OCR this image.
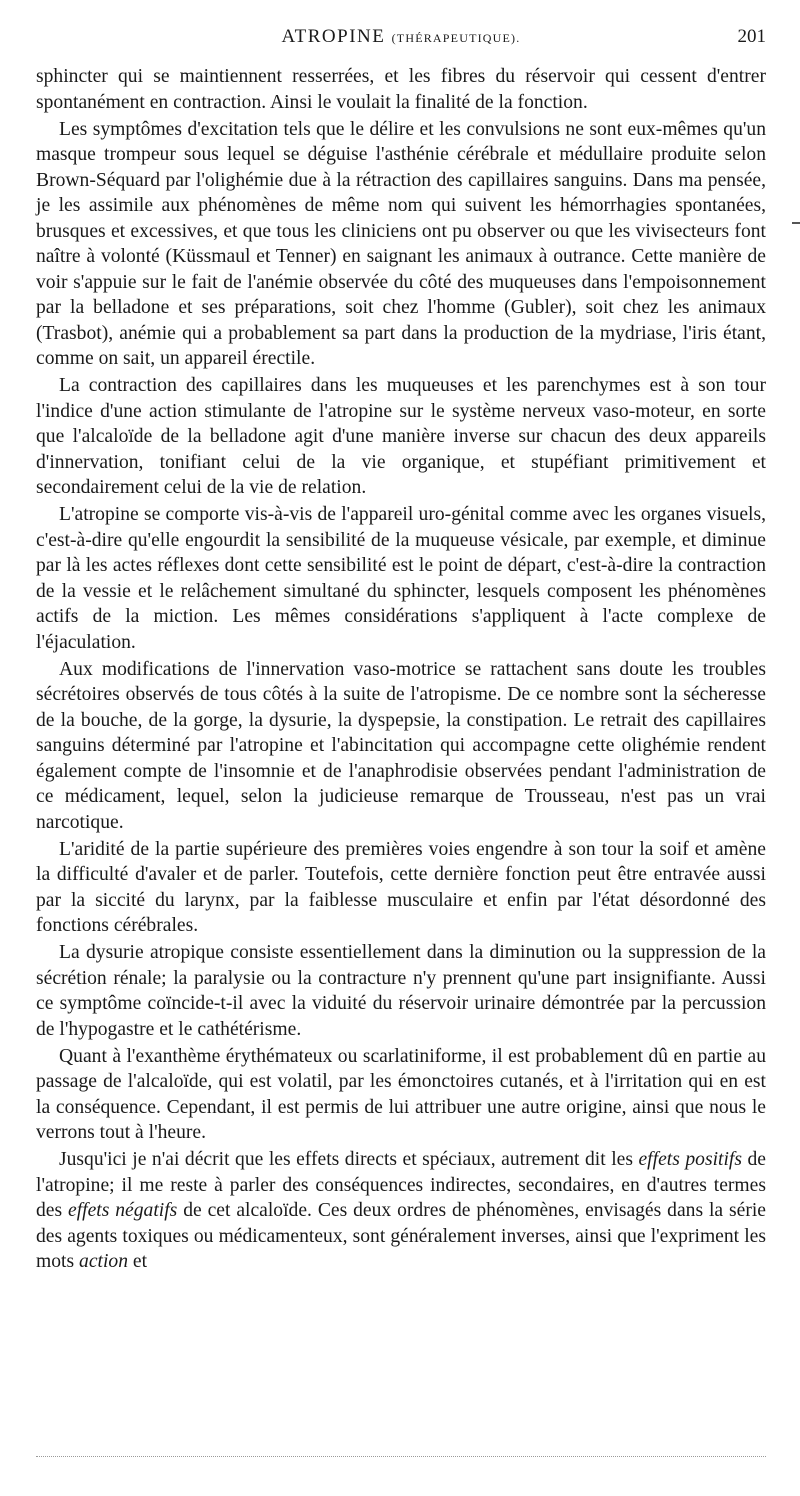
ATROPINE (THÉRAPEUTIQUE).	201

sphincter qui se maintiennent resserrées, et les fibres du réservoir qui cessent d'entrer spontanément en contraction. Ainsi le voulait la finalité de la fonction.

Les symptômes d'excitation tels que le délire et les convulsions ne sont eux-mêmes qu'un masque trompeur sous lequel se déguise l'asthénie cérébrale et médullaire produite selon Brown-Séquard par l'olighémie due à la rétraction des capillaires sanguins. Dans ma pensée, je les assimile aux phénomènes de même nom qui suivent les hémorrhagies spontanées, brusques et excessives, et que tous les cliniciens ont pu observer ou que les vivisecteurs font naître à volonté (Küssmaul et Tenner) en saignant les animaux à outrance. Cette manière de voir s'appuie sur le fait de l'anémie observée du côté des muqueuses dans l'empoisonnement par la belladone et ses préparations, soit chez l'homme (Gubler), soit chez les animaux (Trasbot), anémie qui a probablement sa part dans la production de la mydriase, l'iris étant, comme on sait, un appareil érectile.

La contraction des capillaires dans les muqueuses et les parenchymes est à son tour l'indice d'une action stimulante de l'atropine sur le système nerveux vaso-moteur, en sorte que l'alcaloïde de la belladone agit d'une manière inverse sur chacun des deux appareils d'innervation, tonifiant celui de la vie organique, et stupéfiant primitivement et secondairement celui de la vie de relation.

L'atropine se comporte vis-à-vis de l'appareil uro-génital comme avec les organes visuels, c'est-à-dire qu'elle engourdit la sensibilité de la muqueuse vésicale, par exemple, et diminue par là les actes réflexes dont cette sensibilité est le point de départ, c'est-à-dire la contraction de la vessie et le relâchement simultané du sphincter, lesquels composent les phénomènes actifs de la miction. Les mêmes considérations s'appliquent à l'acte complexe de l'éjaculation.

Aux modifications de l'innervation vaso-motrice se rattachent sans doute les troubles sécrétoires observés de tous côtés à la suite de l'atropisme. De ce nombre sont la sécheresse de la bouche, de la gorge, la dysurie, la dyspepsie, la constipation. Le retrait des capillaires sanguins déterminé par l'atropine et l'abincitation qui accompagne cette olighémie rendent également compte de l'insomnie et de l'anaphrodisie observées pendant l'administration de ce médicament, lequel, selon la judicieuse remarque de Trousseau, n'est pas un vrai narcotique.

L'aridité de la partie supérieure des premières voies engendre à son tour la soif et amène la difficulté d'avaler et de parler. Toutefois, cette dernière fonction peut être entravée aussi par la siccité du larynx, par la faiblesse musculaire et enfin par l'état désordonné des fonctions cérébrales.

La dysurie atropique consiste essentiellement dans la diminution ou la suppression de la sécrétion rénale; la paralysie ou la contracture n'y prennent qu'une part insignifiante. Aussi ce symptôme coïncide-t-il avec la viduité du réservoir urinaire démontrée par la percussion de l'hypogastre et le cathétérisme.

Quant à l'exanthème érythémateux ou scarlatiniforme, il est probablement dû en partie au passage de l'alcaloïde, qui est volatil, par les émonctoires cutanés, et à l'irritation qui en est la conséquence. Cependant, il est permis de lui attribuer une autre origine, ainsi que nous le verrons tout à l'heure.

Jusqu'ici je n'ai décrit que les effets directs et spéciaux, autrement dit les effets positifs de l'atropine; il me reste à parler des conséquences indirectes, secondaires, en d'autres termes des effets négatifs de cet alcaloïde. Ces deux ordres de phénomènes, envisagés dans la série des agents toxiques ou médicamenteux, sont généralement inverses, ainsi que l'expriment les mots action et
